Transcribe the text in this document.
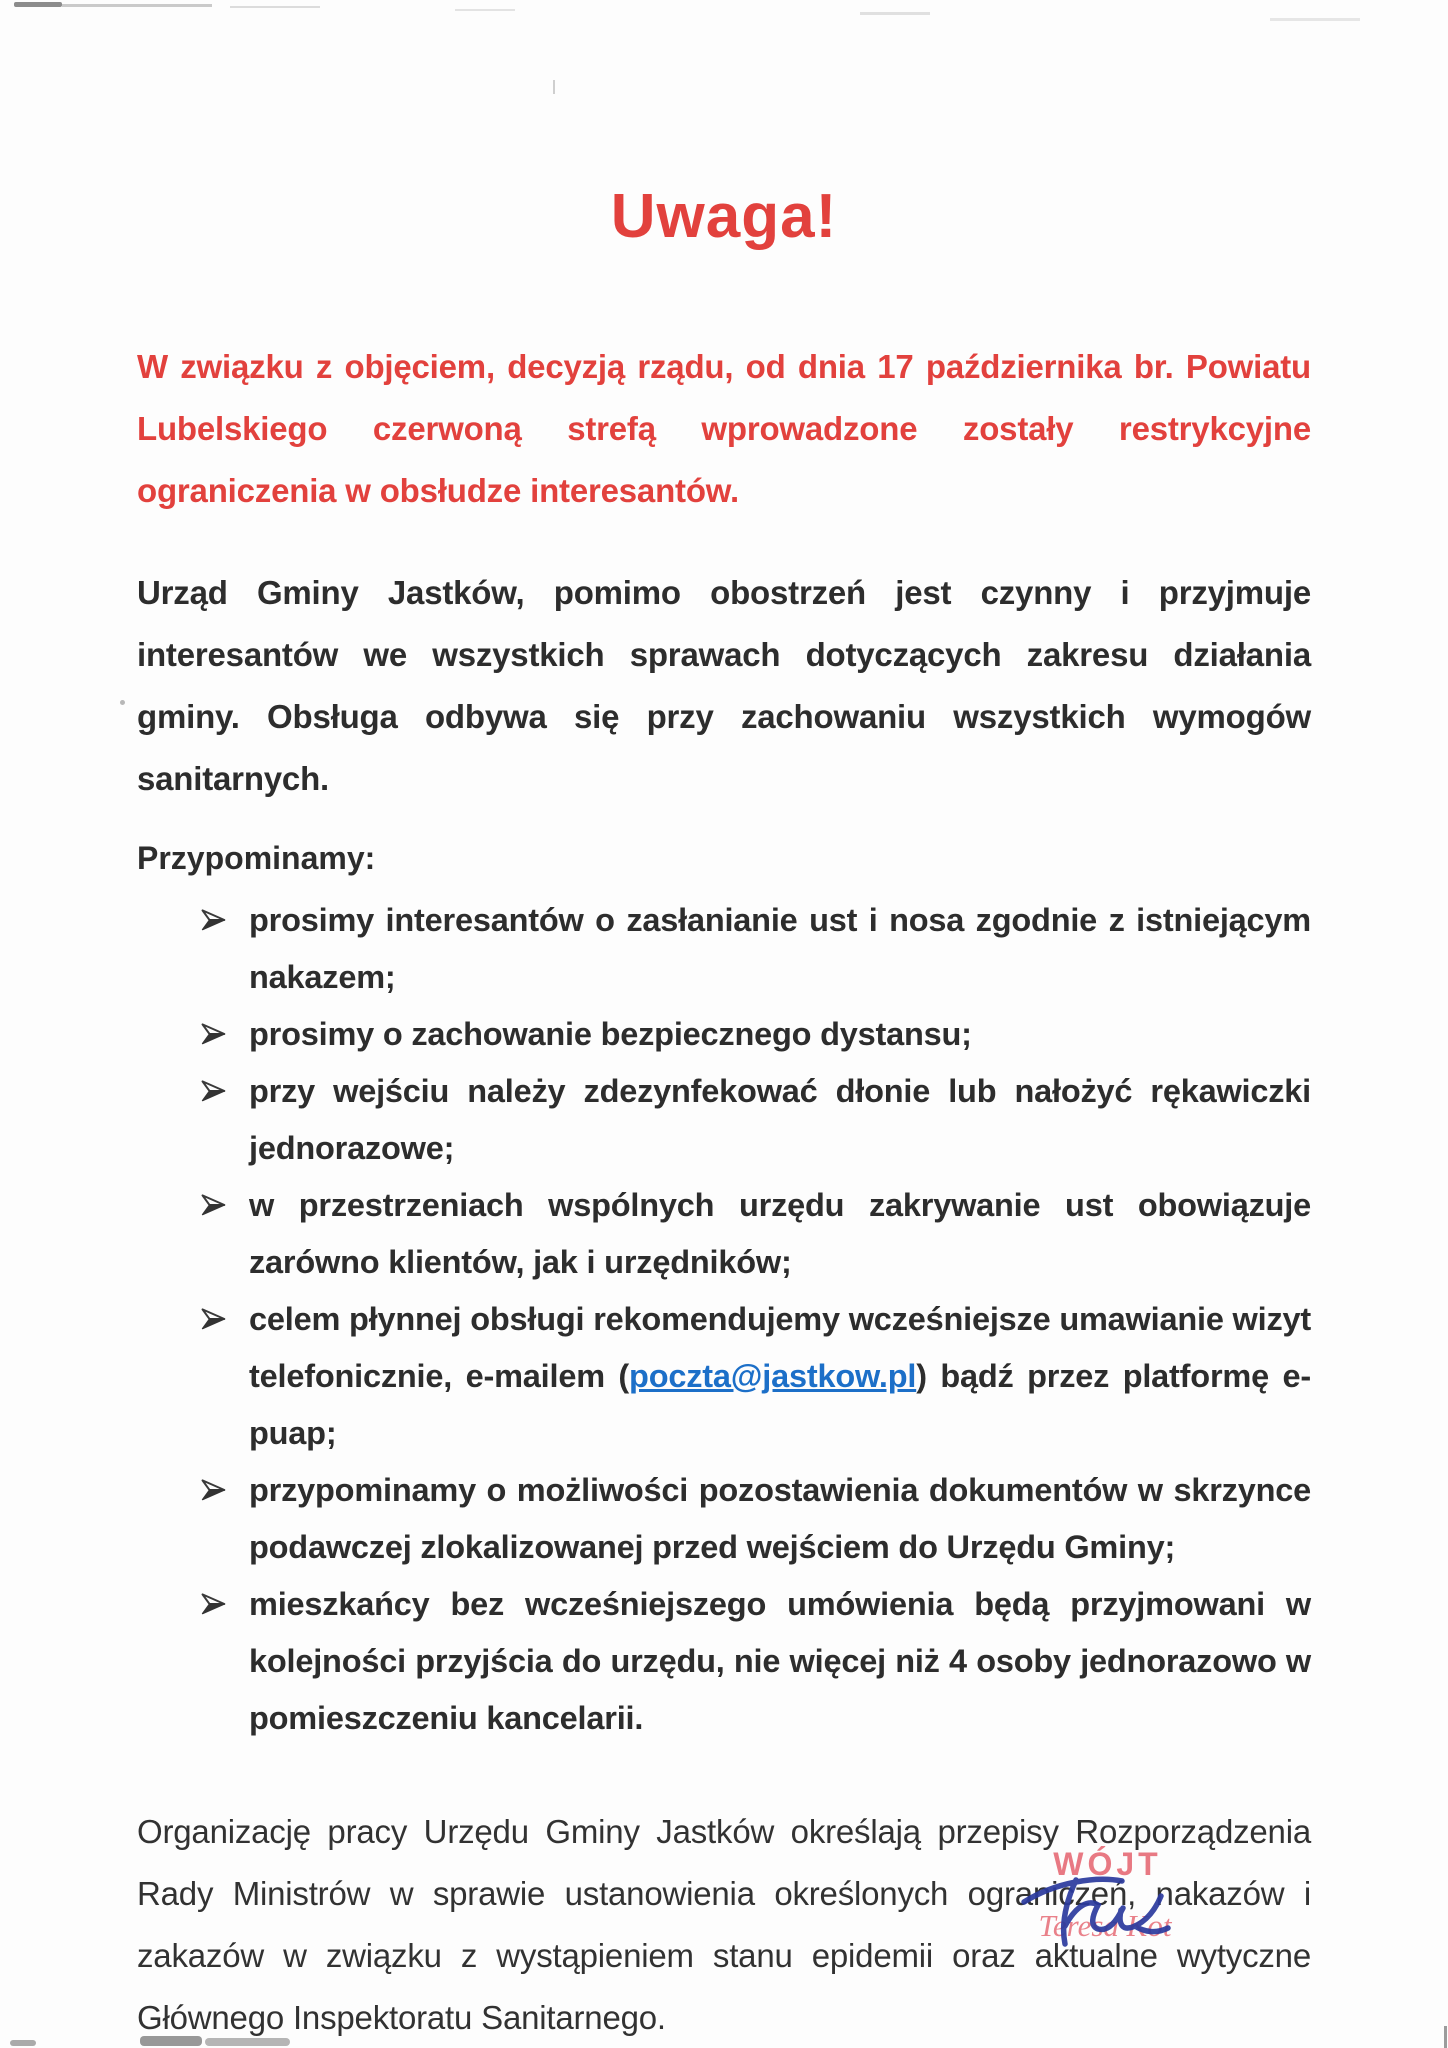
Uwaga!

W związku z objęciem, decyzją rządu, od dnia 17 października br. Powiatu Lubelskiego czerwoną strefą wprowadzone zostały restrykcyjne ograniczenia w obsłudze interesantów.

Urząd Gminy Jastków, pomimo obostrzeń jest czynny i przyjmuje interesantów we wszystkich sprawach dotyczących zakresu działania gminy. Obsługa odbywa się przy zachowaniu wszystkich wymogów sanitarnych.

Przypominamy:

prosimy interesantów o zasłanianie ust i nosa zgodnie z istniejącym nakazem;
prosimy o zachowanie bezpiecznego dystansu;
przy wejściu należy zdezynfekować dłonie lub nałożyć rękawiczki jednorazowe;
w przestrzeniach wspólnych urzędu zakrywanie ust obowiązuje zarówno klientów, jak i urzędników;
celem płynnej obsługi rekomendujemy wcześniejsze umawianie wizyt telefonicznie, e-mailem (poczta@jastkow.pl) bądź przez platformę e-puap;
przypominamy o możliwości pozostawienia dokumentów w skrzynce podawczej zlokalizowanej przed wejściem do Urzędu Gminy;
mieszkańcy bez wcześniejszego umówienia będą przyjmowani w kolejności przyjścia do urzędu, nie więcej niż 4 osoby jednorazowo w pomieszczeniu kancelarii.

Organizację pracy Urzędu Gminy Jastków określają przepisy Rozporządzenia Rady Ministrów w sprawie ustanowienia określonych ograniczeń, nakazów i zakazów w związku z wystąpieniem stanu epidemii oraz aktualne wytyczne Głównego Inspektoratu Sanitarnego.

WÓJT
Teresa Kot
